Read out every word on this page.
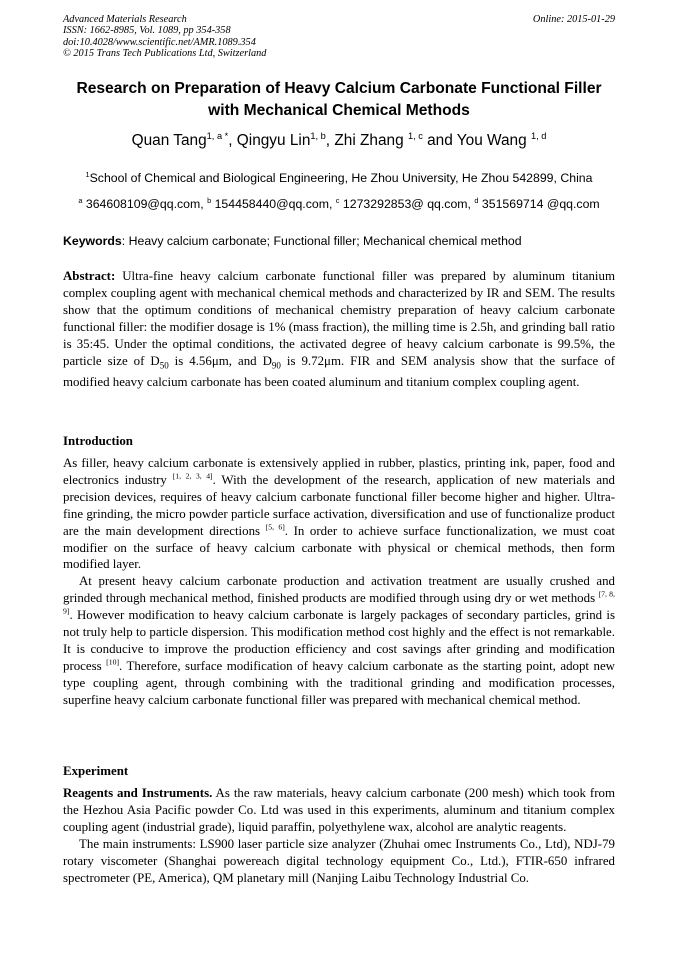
Advanced Materials Research
ISSN: 1662-8985, Vol. 1089, pp 354-358
doi:10.4028/www.scientific.net/AMR.1089.354
© 2015 Trans Tech Publications Ltd, Switzerland
Online: 2015-01-29
Research on Preparation of Heavy Calcium Carbonate Functional Filler
with Mechanical Chemical Methods
Quan Tang$^{1, a *}$, Qingyu Lin$^{1, b}$, Zhi Zhang $^{1, c}$ and You Wang $^{1, d}$
$^1$School of Chemical and Biological Engineering, He Zhou University, He Zhou 542899, China
$^a$ 364608109@qq.com, $^b$ 154458440@qq.com, $^c$ 1273292853@ qq.com, $^d$ 351569714 @qq.com
Keywords: Heavy calcium carbonate; Functional filler; Mechanical chemical method

Abstract: Ultra-fine heavy calcium carbonate functional filler was prepared by aluminum titanium complex coupling agent with mechanical chemical methods and characterized by IR and SEM. The results show that the optimum conditions of mechanical chemistry preparation of heavy calcium carbonate functional filler: the modifier dosage is 1% (mass fraction), the milling time is 2.5h, and grinding ball ratio is 35:45. Under the optimal conditions, the activated degree of heavy calcium carbonate is 99.5%, the particle size of $D_{50}$ is 4.56μm, and $D_{90}$ is 9.72μm. FIR and SEM analysis show that the surface of modified heavy calcium carbonate has been coated aluminum and titanium complex coupling agent.

Introduction

As filler, heavy calcium carbonate is extensively applied in rubber, plastics, printing ink, paper, food and electronics industry [1, 2, 3, 4]. With the development of the research, application of new materials and precision devices, requires of heavy calcium carbonate functional filler become higher and higher. Ultra-fine grinding, the micro powder particle surface activation, diversification and use of functionalize product are the main development directions [5, 6]. In order to achieve surface functionalization, we must coat modifier on the surface of heavy calcium carbonate with physical or chemical methods, then form modified layer.

At present heavy calcium carbonate production and activation treatment are usually crushed and grinded through mechanical method, finished products are modified through using dry or wet methods [7, 8, 9]. However modification to heavy calcium carbonate is largely packages of secondary particles, grind is not truly help to particle dispersion. This modification method cost highly and the effect is not remarkable. It is conducive to improve the production efficiency and cost savings after grinding and modification process [10]. Therefore, surface modification of heavy calcium carbonate as the starting point, adopt new type coupling agent, through combining with the traditional grinding and modification processes, superfine heavy calcium carbonate functional filler was prepared with mechanical chemical method.

Experiment

Reagents and Instruments. As the raw materials, heavy calcium carbonate (200 mesh) which took from the Hezhou Asia Pacific powder Co. Ltd was used in this experiments, aluminum and titanium complex coupling agent (industrial grade), liquid paraffin, polyethylene wax, alcohol are analytic reagents.

The main instruments: LS900 laser particle size analyzer (Zhuhai omec Instruments Co., Ltd), NDJ-79 rotary viscometer (Shanghai powereach digital technology equipment Co., Ltd.), FTIR-650 infrared spectrometer (PE, America), QM planetary mill (Nanjing Laibu Technology Industrial Co.
